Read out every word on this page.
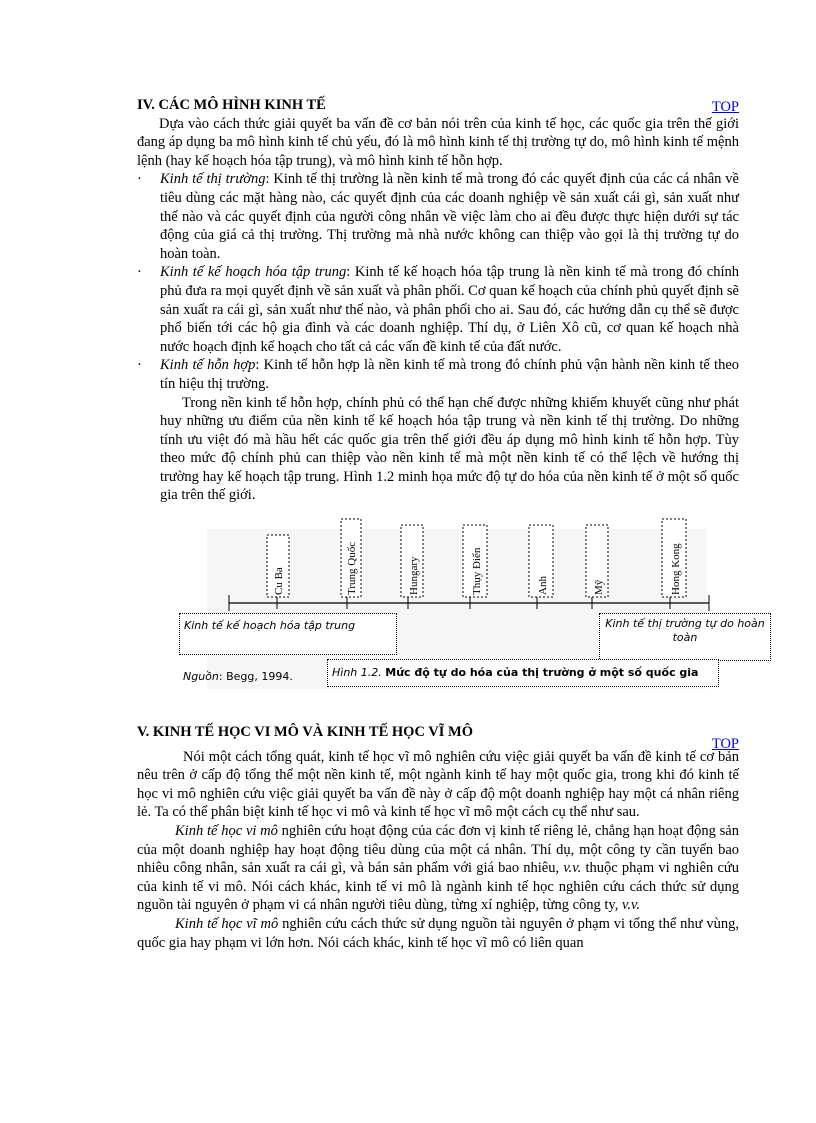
IV. CÁC MÔ HÌNH KINH TẾ	TOP

Dựa vào cách thức giải quyết ba vấn đề cơ bản nói trên của kinh tế học, các quốc gia trên thế giới đang áp dụng ba mô hình kinh tế chủ yếu, đó là mô hình kinh tế thị trường tự do, mô hình kinh tế mệnh lệnh (hay kế hoạch hóa tập trung), và mô hình kinh tế hỗn hợp.

· Kinh tế thị trường: Kinh tế thị trường là nền kinh tế mà trong đó các quyết định của các cá nhân về tiêu dùng các mặt hàng nào, các quyết định của các doanh nghiệp về sản xuất cái gì, sản xuất như thế nào và các quyết định của người công nhân về việc làm cho ai đều được thực hiện dưới sự tác động của giá cả thị trường. Thị trường mà nhà nước không can thiệp vào gọi là thị trường tự do hoàn toàn.
· Kinh tế kế hoạch hóa tập trung: Kinh tế kế hoạch hóa tập trung là nền kinh tế mà trong đó chính phủ đưa ra mọi quyết định về sản xuất và phân phối. Cơ quan kế hoạch của chính phủ quyết định sẽ sản xuất ra cái gì, sản xuất như thế nào, và phân phối cho ai. Sau đó, các hướng dẫn cụ thể sẽ được phổ biến tới các hộ gia đình và các doanh nghiệp. Thí dụ, ở Liên Xô cũ, cơ quan kế hoạch nhà nước hoạch định kế hoạch cho tất cả các vấn đề kinh tế của đất nước.
· Kinh tế hỗn hợp: Kinh tế hỗn hợp là nền kinh tế mà trong đó chính phủ vận hành nền kinh tế theo tín hiệu thị trường.

Trong nền kinh tế hỗn hợp, chính phủ có thể hạn chế được những khiếm khuyết cũng như phát huy những ưu điểm của nền kinh tế kế hoạch hóa tập trung và nền kinh tế thị trường. Do những tính ưu việt đó mà hầu hết các quốc gia trên thế giới đều áp dụng mô hình kinh tế hỗn hợp. Tùy theo mức độ chính phủ can thiệp vào nền kinh tế mà một nền kinh tế có thể lệch về hướng thị trường hay kế hoạch tập trung. Hình 1.2 minh họa mức độ tự do hóa của nền kinh tế ở một số quốc gia trên thế giới.

Cu Ba	Trung Quốc	Hungary	Thụy Điển	Anh	Mỹ	Hong Kong
Kinh tế kế hoạch hóa tập trung	Kinh tế thị trường tự do hoàn toàn
Nguồn: Begg, 1994.	Hình 1.2. Mức độ tự do hóa của thị trường ở một số quốc gia
V. KINH TẾ HỌC VI MÔ VÀ KINH TẾ HỌC VĨ MÔ
TOP

Nói một cách tổng quát, kinh tế học vĩ mô nghiên cứu việc giải quyết ba vấn đề kinh tế cơ bản nêu trên ở cấp độ tổng thể một nền kinh tế, một ngành kinh tế hay một quốc gia, trong khi đó kinh tế học vi mô nghiên cứu việc giải quyết ba vấn đề này ở cấp độ một doanh nghiệp hay một cá nhân riêng lẻ. Ta có thể phân biệt kinh tế học vi mô và kinh tế học vĩ mô một cách cụ thể như sau.

Kinh tế học vi mô nghiên cứu hoạt động của các đơn vị kinh tế riêng lẻ, chẳng hạn hoạt động sản của một doanh nghiệp hay hoạt động tiêu dùng của một cá nhân. Thí dụ, một công ty cần tuyển bao nhiêu công nhân, sản xuất ra cái gì, và bán sản phẩm với giá bao nhiêu, v.v. thuộc phạm vi nghiên cứu của kinh tế vi mô. Nói cách khác, kinh tế vi mô là ngành kinh tế học nghiên cứu cách thức sử dụng nguồn tài nguyên ở phạm vi cá nhân người tiêu dùng, từng xí nghiệp, từng công ty, v.v.

Kinh tế học vĩ mô nghiên cứu cách thức sử dụng nguồn tài nguyên ở phạm vi tổng thể như vùng, quốc gia hay phạm vi lớn hơn. Nói cách khác, kinh tế học vĩ mô có liên quan
